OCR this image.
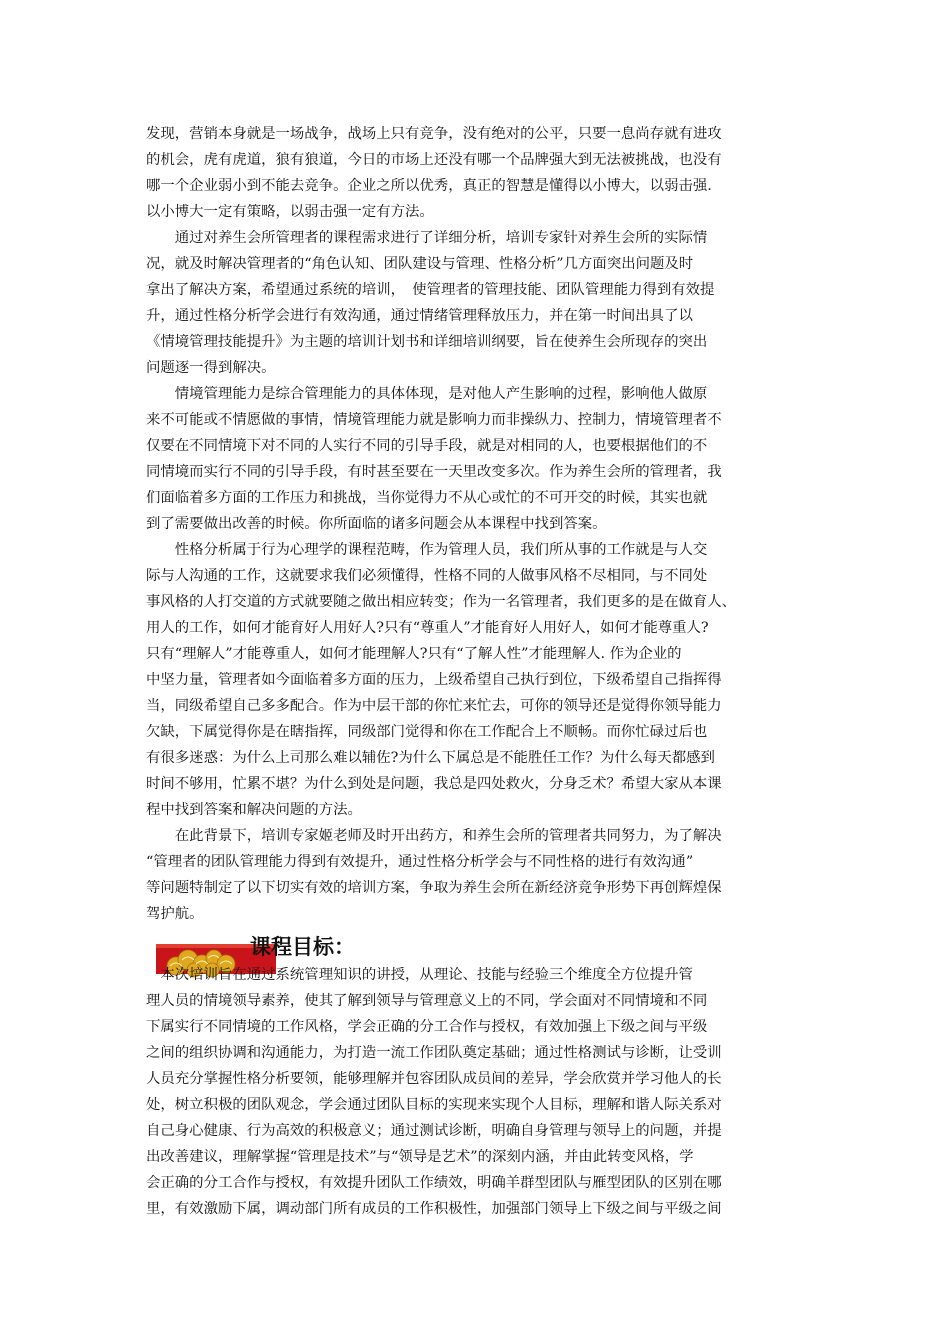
发现，营销本身就是一场战争，战场上只有竞争，没有绝对的公平，只要一息尚存就有进攻
的机会，虎有虎道，狼有狼道，今日的市场上还没有哪一个品牌强大到无法被挑战，也没有
哪一个企业弱小到不能去竞争。企业之所以优秀，真正的智慧是懂得以小博大，以弱击强.
以小博大一定有策略，以弱击强一定有方法。
　　通过对养生会所管理者的课程需求进行了详细分析，培训专家针对养生会所的实际情
况，就及时解决管理者的“角色认知、团队建设与管理、性格分析”几方面突出问题及时
拿出了解决方案，希望通过系统的培训，　使管理者的管理技能、团队管理能力得到有效提
升，通过性格分析学会进行有效沟通，通过情绪管理释放压力，并在第一时间出具了以
《情境管理技能提升》为主题的培训计划书和详细培训纲要，旨在使养生会所现存的突出
问题逐一得到解决。
　　情境管理能力是综合管理能力的具体体现，是对他人产生影响的过程，影响他人做原
来不可能或不情愿做的事情，情境管理能力就是影响力而非操纵力、控制力，情境管理者不
仅要在不同情境下对不同的人实行不同的引导手段，就是对相同的人，也要根据他们的不
同情境而实行不同的引导手段，有时甚至要在一天里改变多次。作为养生会所的管理者，我
们面临着多方面的工作压力和挑战，当你觉得力不从心或忙的不可开交的时候，其实也就
到了需要做出改善的时候。你所面临的诸多问题会从本课程中找到答案。
　　性格分析属于行为心理学的课程范畴，作为管理人员，我们所从事的工作就是与人交
际与人沟通的工作，这就要求我们必须懂得，性格不同的人做事风格不尽相同，与不同处
事风格的人打交道的方式就要随之做出相应转变；作为一名管理者，我们更多的是在做育人、
用人的工作，如何才能育好人用好人?只有“尊重人”才能育好人用好人，如何才能尊重人?
只有“理解人”才能尊重人，如何才能理解人?只有“了解人性”才能理解人. 作为企业的
中坚力量，管理者如今面临着多方面的压力，上级希望自己执行到位，下级希望自己指挥得
当，同级希望自己多多配合。作为中层干部的你忙来忙去，可你的领导还是觉得你领导能力
欠缺，下属觉得你是在瞎指挥，同级部门觉得和你在工作配合上不顺畅。而你忙碌过后也
有很多迷惑：为什么上司那么难以辅佐?为什么下属总是不能胜任工作？为什么每天都感到
时间不够用，忙累不堪？为什么到处是问题，我总是四处救火，分身乏术？希望大家从本课
程中找到答案和解决问题的方法。
　　在此背景下，培训专家姬老师及时开出药方，和养生会所的管理者共同努力，为了解决
“管理者的团队管理能力得到有效提升，通过性格分析学会与不同性格的进行有效沟通”
等问题特制定了以下切实有效的培训方案，争取为养生会所在新经济竞争形势下再创辉煌保
驾护航。
课程目标：
　本次培训旨在通过系统管理知识的讲授，从理论、技能与经验三个维度全方位提升管
理人员的情境领导素养，使其了解到领导与管理意义上的不同，学会面对不同情境和不同
下属实行不同情境的工作风格，学会正确的分工合作与授权，有效加强上下级之间与平级
之间的组织协调和沟通能力，为打造一流工作团队奠定基础；通过性格测试与诊断，让受训
人员充分掌握性格分析要领，能够理解并包容团队成员间的差异，学会欣赏并学习他人的长
处，树立积极的团队观念，学会通过团队目标的实现来实现个人目标，理解和谐人际关系对
自己身心健康、行为高效的积极意义；通过测试诊断，明确自身管理与领导上的问题，并提
出改善建议，理解掌握“管理是技术”与“领导是艺术”的深刻内涵，并由此转变风格，学
会正确的分工合作与授权，有效提升团队工作绩效，明确羊群型团队与雁型团队的区别在哪
里，有效激励下属，调动部门所有成员的工作积极性，加强部门领导上下级之间与平级之间
